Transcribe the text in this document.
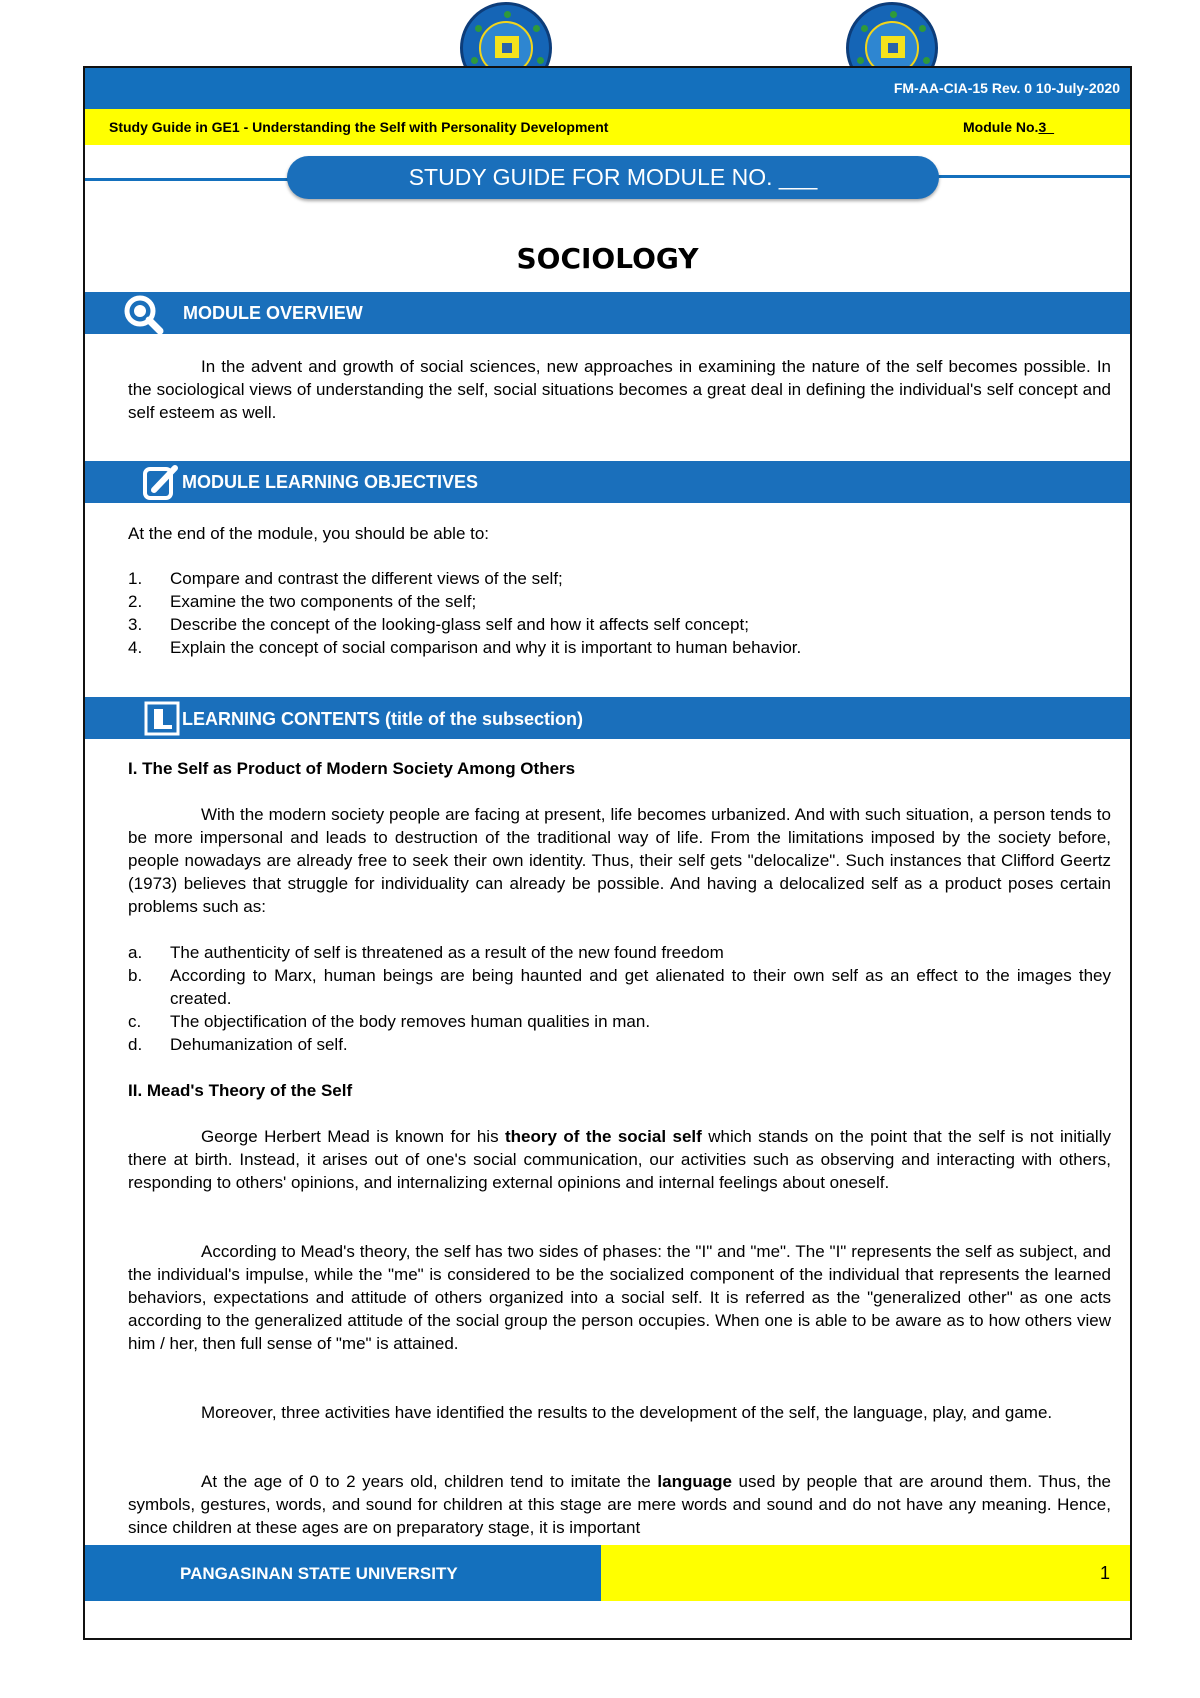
FM-AA-CIA-15 Rev. 0 10-July-2020
Study Guide in GE1 - Understanding the Self with Personality Development	Module No.3_
STUDY GUIDE FOR MODULE NO. ___
SOCIOLOGY
MODULE OVERVIEW
In the advent and growth of social sciences, new approaches in examining the nature of the self becomes possible. In the sociological views of understanding the self, social situations becomes a great deal in defining the individual's self concept and self esteem as well.
MODULE LEARNING OBJECTIVES
At the end of the module, you should be able to:
1.	Compare and contrast the different views of the self;
2.	Examine the two components of the self;
3.	Describe the concept of the looking-glass self and how it affects self concept;
4.	Explain the concept of social comparison and why it is important to human behavior.
LEARNING CONTENTS (title of the subsection)
I. The Self as Product of Modern Society Among Others
With the modern society people are facing at present, life becomes urbanized. And with such situation, a person tends to be more impersonal and leads to destruction of the traditional way of life. From the limitations imposed by the society before, people nowadays are already free to seek their own identity. Thus, their self gets "delocalize". Such instances that Clifford Geertz (1973) believes that struggle for individuality can already be possible. And having a delocalized self as a product poses certain problems such as:
a.	The authenticity of self is threatened as a result of the new found freedom
b.	According to Marx, human beings are being haunted and get alienated to their own self as an effect to the images they created.
c.	The objectification of the body removes human qualities in man.
d.	Dehumanization of self.
II. Mead's Theory of the Self
George Herbert Mead is known for his theory of the social self which stands on the point that the self is not initially there at birth. Instead, it arises out of one's social communication, our activities such as observing and interacting with others, responding to others' opinions, and internalizing external opinions and internal feelings about oneself.
According to Mead's theory, the self has two sides of phases: the "I" and "me". The "I" represents the self as subject, and the individual's impulse, while the "me" is considered to be the socialized component of the individual that represents the learned behaviors, expectations and attitude of others organized into a social self. It is referred as the "generalized other" as one acts according to the generalized attitude of the social group the person occupies. When one is able to be aware as to how others view him / her, then full sense of "me" is attained.
Moreover, three activities have identified the results to the development of the self, the language, play, and game.
At the age of 0 to 2 years old, children tend to imitate the language used by people that are around them. Thus, the symbols, gestures, words, and sound for children at this stage are mere words and sound and do not have any meaning. Hence, since children at these ages are on preparatory stage, it is important
PANGASINAN STATE UNIVERSITY	1
